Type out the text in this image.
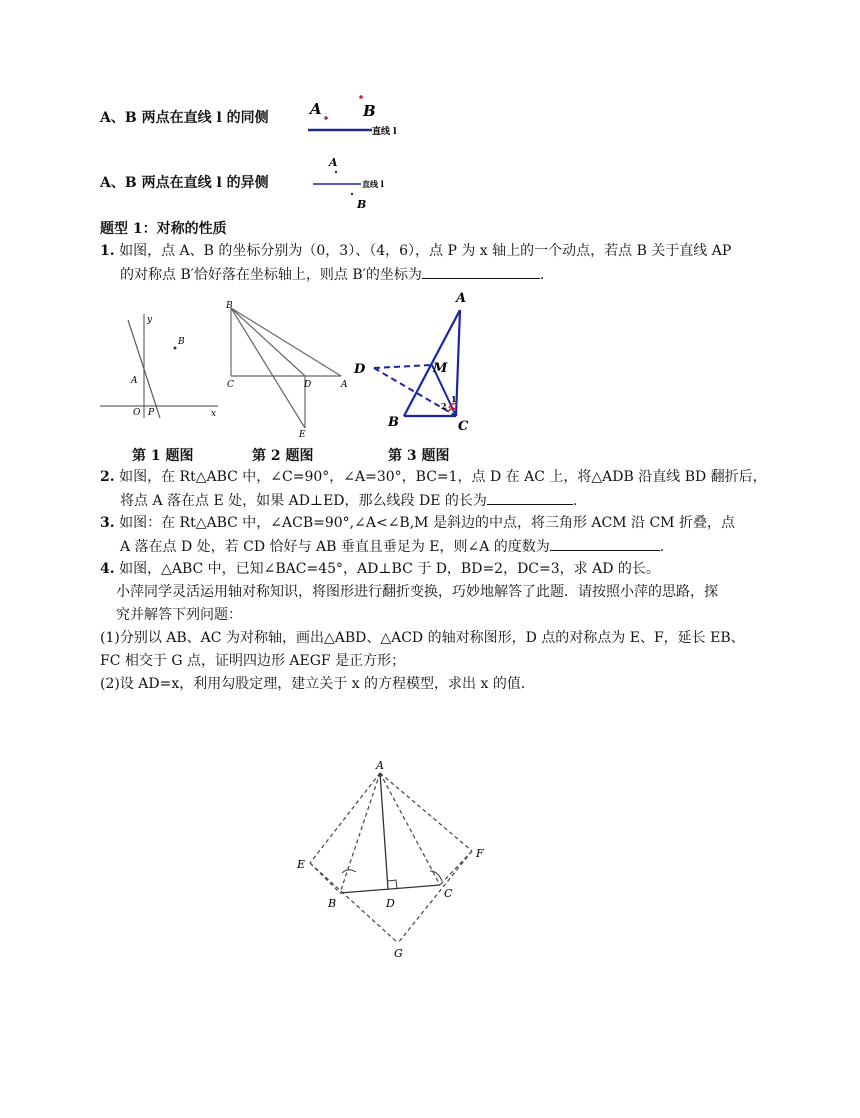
A、B 两点在直线 l 的同侧
直线 l
A	B
A、B 两点在直线 l 的异侧	直线 l
A
B
题型 1：对称的性质
1. 如图，点 A、B 的坐标分别为（0，3）、（4，6），点 P 为 x 轴上的一个动点，若点 B 关于直线 AP
的对称点 B′恰好落在坐标轴上，则点 B′的坐标为	.
x
y
A
O P
B
B
C	D	A
E
A
D	M
B	C
1
2
第 1 题图	第 2 题图	第 3 题图
2. 如图，在 Rt△ABC 中，∠C=90°，∠A=30°，BC=1，点 D 在 AC 上，将△ADB 沿直线 BD 翻折后，
将点 A 落在点 E 处，如果 AD⊥ED，那么线段 DE 的长为	.
3. 如图：在 Rt△ABC 中，∠ACB=90°,∠A<∠B,M 是斜边的中点，将三角形 ACM 沿 CM 折叠，点
A 落在点 D 处，若 CD 恰好与 AB 垂直且垂足为 E，则∠A 的度数为	.
4. 如图，△ABC 中，已知∠BAC=45°，AD⊥BC 于 D，BD=2，DC=3，求 AD 的长。
小萍同学灵活运用轴对称知识，将图形进行翻折变换，巧妙地解答了此题．请按照小萍的思路，探
究并解答下列问题：
(1)分别以 AB、AC 为对称轴，画出△ABD、△ACD 的轴对称图形，D 点的对称点为 E、F，延长 EB、
FC 相交于 G 点，证明四边形 AEGF 是正方形；
(2)设 AD=x，利用勾股定理，建立关于 x 的方程模型，求出 x 的值．
A
E
F
B	D
C
G
